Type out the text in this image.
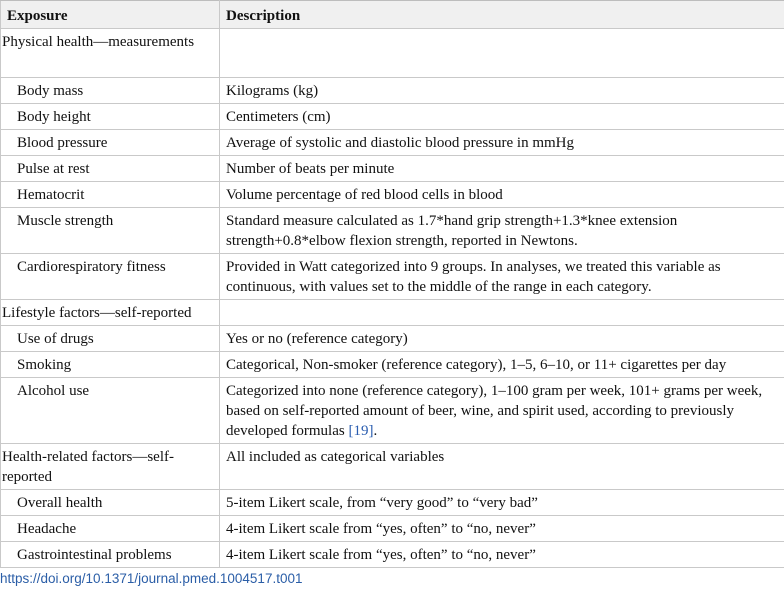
Exposure	Description
Physical health—measurements	
Body mass	Kilograms (kg)
Body height	Centimeters (cm)
Blood pressure	Average of systolic and diastolic blood pressure in mmHg
Pulse at rest	Number of beats per minute
Hematocrit	Volume percentage of red blood cells in blood
Muscle strength	Standard measure calculated as 1.7*hand grip strength+1.3*knee extension strength+0.8*elbow flexion strength, reported in Newtons.
Cardiorespiratory fitness	Provided in Watt categorized into 9 groups. In analyses, we treated this variable as continuous, with values set to the middle of the range in each category.
Lifestyle factors—self-reported	
Use of drugs	Yes or no (reference category)
Smoking	Categorical, Non-smoker (reference category), 1–5, 6–10, or 11+ cigarettes per day
Alcohol use	Categorized into none (reference category), 1–100 gram per week, 101+ grams per week, based on self-reported amount of beer, wine, and spirit used, according to previously developed formulas [19].
Health-related factors—self-reported	All included as categorical variables
Overall health	5-item Likert scale, from “very good” to “very bad”
Headache	4-item Likert scale from “yes, often” to “no, never”
Gastrointestinal problems	4-item Likert scale from “yes, often” to “no, never”
https://doi.org/10.1371/journal.pmed.1004517.t001
